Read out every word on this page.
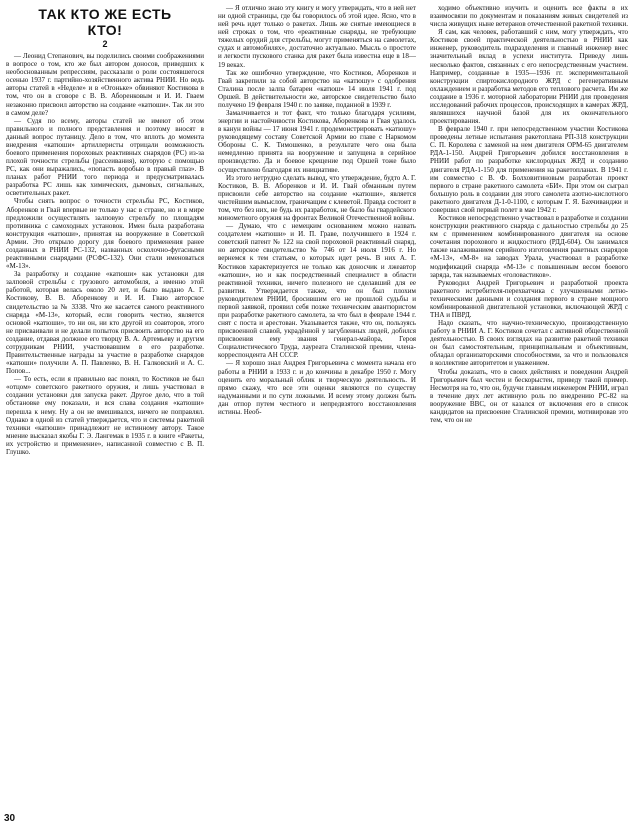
ТАК КТО ЖЕ ЕСТЬ
КТО!
2

— Леонид Степанович, вы поделились своими соображениями в вопросе о том, кто же был автором доносов, приведших к необоснованным репрессиям, рассказали о роли состоявшегося осенью 1937 г. партийно-хозяйственного актива РНИИ. Но ведь авторы статей в «Неделе» и в «Огоньке» обвиняют Костикова в том, что он в сговоре с В. В. Абоpенковым и И. И. Гваем незаконно присвоил авторство на создание «катюши». Так ли это в самом деле?

— Судя по всему, авторы статей не имеют об этом правильного и полного представления и поэтому вносят в данный вопрос путаницу. Дело в том, что вплоть до момента внедрения «катюши» артиллеристы отрицали возможность боевого применения пороховых реактивных снарядов (РС) из-за плохой точности стрельбы (рассеивания), которую с помощью РС, как они выражались, «попасть воробью в правый глаз». В планах работ РНИИ того периода и предусматривалась разработка РС лишь как химических, дымовых, сигнальных, осветительных ракет.

Чтобы снять вопрос о точности стрельбы РС, Костиков, Абоpенков и Гвай впервые не только у нас в стране, но и в мире предложили осуществлять залповую стрельбу по площадям противника с самоходных установок. Имен была разработана конструкция «катюши», принятая на вооружение в Советской Армии. Это открыло дорогу для боевого применения ранее созданных в РНИИ РС-132, названных осколочно-фугасными реактивными снарядами (РСФС-132). Они стали именоваться «М-13».

За разработку и создание «катюши» как установки для залповой стрельбы с грузового автомобиля, а именно этой работой, которая велась около 20 лет, и было выдано А. Г. Костикову, В. В. Абоpенкову и И. И. Гваю авторское свидетельство за № 3338. Что же касается самого реактивного снаряда «М-13», который, если говорить честно, является основой «катюши», то ни он, ни кто другой из соавторов, этого не присваивали и не делали попыток присвоить авторство на его создание, отдавая должное его творцу В. А. Артемьеву и другим сотрудникам РНИИ, участвовавшим в его разработке. Правительственные награды за участие в разработке снарядов «катюши» получили А. П. Павленко, В. Н. Галковский и А. С. Попов...

— То есть, если я правильно вас понял, то Костиков не был «отцом» советского ракетного оружия, и лишь участвовал в создании установки для запуска ракет. Другое дело, что в той обстановке ему показали, и вся слава создания «катюши» перешла к нему. Ну а он не вмешивался, ничего не поправлял. Однако в одной из статей утверждается, что и системы ракетной техники «катюши» принадлежит не истинному автору. Такое мнение высказал якобы Г. Э. Лангемак в 1935 г. в книге «Ракеты, их устройство и применение», написанной совместно с В. П. Глушко.

— Я отлично знаю эту книгу и могу утверждать, что в ней нет ни одной страницы, где бы говорилось об этой идее. Ясно, что в ней речь идет только о ракетах. Лишь же снятые имеющиеся в ней строках о том, что «реактивные снаряды, не требующие тяжелых орудий для стрельбы, могут применяться на самолетах, судах и автомобилях», достаточно актуально. Мысль о простоте и легкости пускового станка для ракет была известна еще в 18—19 веках.

Так же ошибочно утверждение, что Костиков, Абоpенков и Гвай закрепили за собой авторство на «катюшу» с одобрения Сталина после залпа батареи «катюш» 14 июля 1941 г. под Оршей. В действительности же, авторское свидетельство было получено 19 февраля 1940 г. по заявке, поданной в 1939 г.

Замалчивается и тот факт, что только благодаря усилиям, энергии и настойчивости Костикова, Абоpенкова и Гвая удалось в канун войны — 17 июня 1941 г. продемонстрировать «катюшу» руководящему составу Советской Армии во главе с Наркомом Обороны С. К. Тимошенко, в результате чего она была немедленно принята на вооружение и запущена в серийное производство. Да и боевое крещение под Оршей тоже было осуществлено благодаря их инициативе.

Из этого нетрудно сделать вывод, что утверждение, будто А. Г. Костиков, В. В. Абоpенков и И. И. Гвай обманным путем присвоили себе авторство на создание «катюши», является чистейшим вымыслом, граничащим с клеветой. Правда состоит в том, что без них, не будь их разработок, не было бы гвардейского минометного оружия на фронтах Великой Отечественной войны.

— Думаю, что с немецким основанием можно назвать создателем «катюши» и И. П. Граве, получившего в 1924 г. советский патент № 122 на свой пороховой реактивный снаряд, но авторское свидетельство № 746 от 14 июля 1916 г. Но вернемся к тем статьям, о которых идет речь. В них А. Г. Костиков характеризуется не только как доносчик и лжеавтор «катюши», но и как посредственный специалист в области реактивной техники, ничего полезного не сделавший для ее развития. Утверждается также, что он был плохим руководителем РНИИ, бросившим его не прошлой судьбы и первой заявкой, проявил себя позже техническим авантюристом при разработке ракетного самолета, за что был в феврале 1944 г. снят с поста и арестован. Указывается также, что он, пользуясь присвоенной славой, украдённой у загубленных людей, добился присвоения ему звания генерал-майора, Героя Социалистического Труда, лауреата Сталинской премии, члена-корреспондента АН СССР.

— Я хорошо знал Андрея Григорьевича с момента начала его работы в РНИИ в 1933 г. и до кончины в декабре 1950 г. Могу оценить его моральный облик и творческую деятельность. И прямо скажу, что все эти оценки являются по существу надуманными и по сути ложными. И всему этому должен быть дан отпор путем честного и непредвзятого восстановления истины. Необ-

ходимо объективно изучить и оценить все факты в их взаимосвязи по документам и показаниям живых свидетелей из числа живущих ныне ветеранов отечественной ракетной техники.

Я сам, как человек, работавший с ним, могу утверждать, что Костиков своей практической деятельностью в РНИИ как инженер, руководитель подразделения и главный инженер внес значительный вклад в успехи института. Приведу лишь несколько фактов, связанных с его непосредственным участием. Например, созданные в 1935—1936 гг. экспериментальной конструкции спиртокислородного ЖРД с регенеративным охлаждением и разработка методов его теплового расчета. Им же создание в 1936 г. моторной лаборатории РНИИ для проведения исследований рабочих процессов, происходящих в камерах ЖРД, являвшихся научной базой для их окончательного проектирования.

В феврале 1940 г. при непосредственном участии Костикова проведены летные испытания ракетоплана РП-318 конструкции С. П. Королева с заменой на нем двигателя ОРМ-65 двигателем РДА-1-150. Андрей Григорьевич добился восстановления в РНИИ работ по разработке кислородных ЖРД и созданию двигателя РДА-1-150 для применения на ракетопланах. В 1941 г. им совместно с В. Ф. Болховитиновым разработан проект первого в стране ракетного самолета «БИ». При этом он сыграл большую роль в создании для этого самолета азотно-кислотного ракетного двигателя Д-1-0-1100, с которым Г. Я. Бахчиванджи и совершил свой первый полет в мае 1942 г.

Костиков непосредственно участвовал в разработке и создании конструкции реактивного снаряда с дальностью стрельбы до 25 км с применением комбинированного двигателя на основе сочетания порохового и жидкостного (РДД-604). Он занимался также налаживанием серийного изготовления ракетных снарядов «М-13», «М-8» на заводах Урала, участвовал в разработке модификаций снаряда «М-13» с повышенным весом боевого заряда, так называемых «головастиков».

Руководил Андрей Григорьевич и разработкой проекта ракетного истребителя-перехватчика с улучшенными летно-техническими данными и создания первого в стране мощного комбинированной двигательной установки, включающей ЖРД с ТНА и ПВРД.

Надо сказать, что научно-техническую, производственную работу в РНИИ А. Г. Костиков сочетал с активной общественной деятельностью. В своих взглядах на развитие ракетной техники он был самостоятельным, принципиальным и объективным, обладал организаторскими способностями, за что и пользовался в коллективе авторитетом и уважением.

Чтобы доказать, что в своих действиях и поведении Андрей Григорьевич был честен и бескорыстен, приведу такой пример. Несмотря на то, что он, будучи главным инженером РНИИ, играл в течение двух лет активную роль по внедрению РС-82 на вооружение ВВС, он от казался от включения его в список кандидатов на присвоение Сталинской премии, мотивировав это тем, что он не

30
